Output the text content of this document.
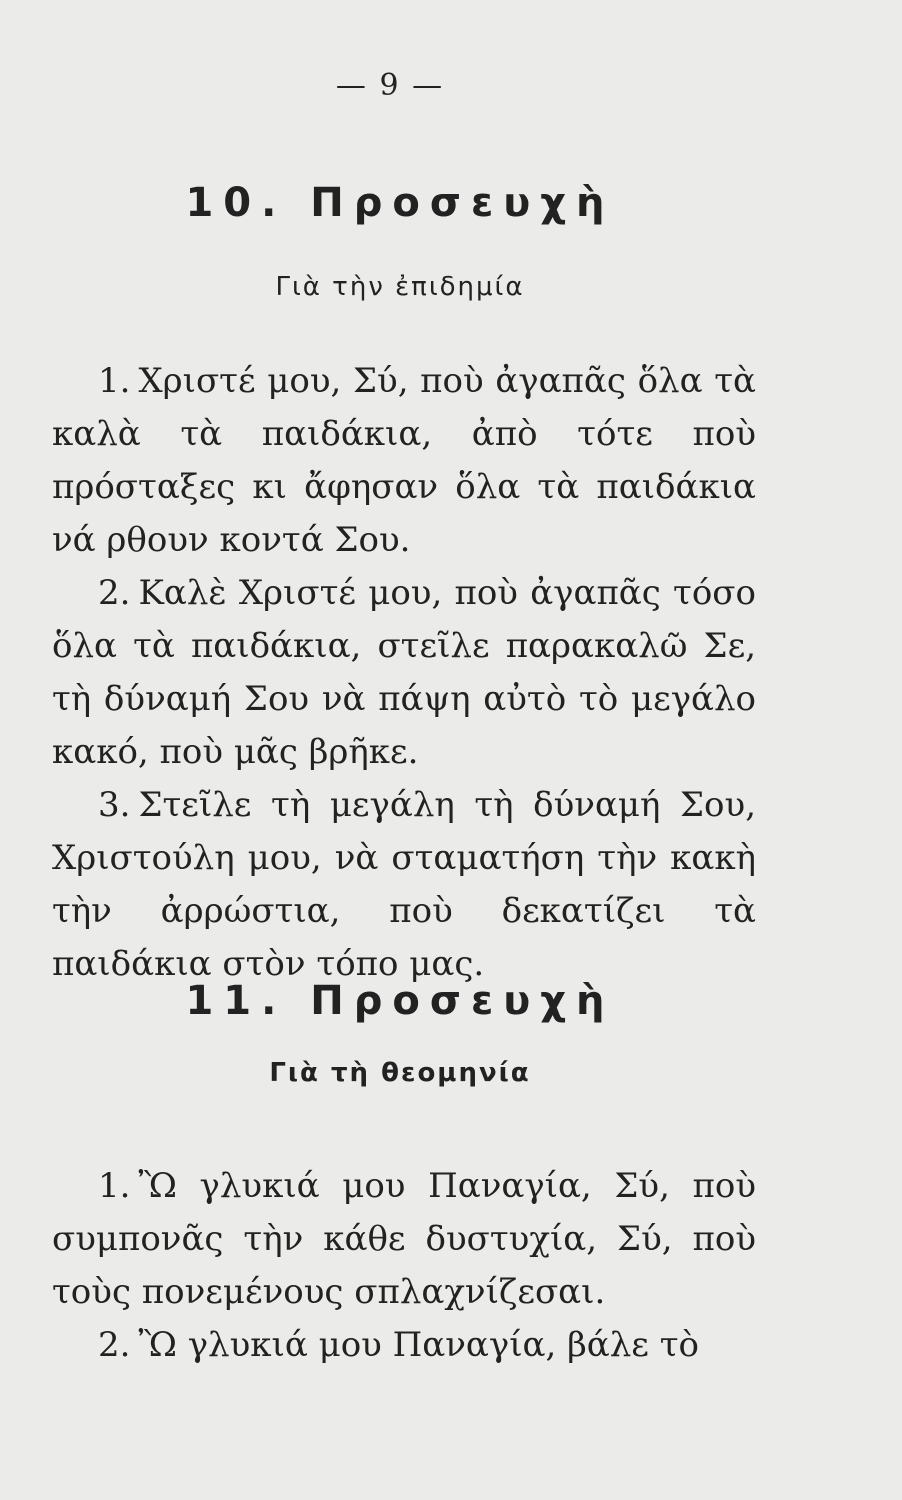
— 9 —
10. Προσευχὴ
Γιὰ τὴν ἐπιδημία

1. Χριστέ μου, Σύ, ποὺ ἀγαπᾶς ὅλα τὰ καλὰ τὰ παιδάκια, ἀπὸ τότε ποὺ πρόσταξες κι ἄφησαν ὅλα τὰ παιδάκια νά ρθουν κοντά Σου.

2. Καλὲ Χριστέ μου, ποὺ ἀγαπᾶς τόσο ὅλα τὰ παιδάκια, στεῖλε παρακαλῶ Σε, τὴ δύναμή Σου νὰ πάψη αὐτὸ τὸ μεγάλο κακό, ποὺ μᾶς βρῆκε.

3. Στεῖλε τὴ μεγάλη τὴ δύναμή Σου, Χριστούλη μου, νὰ σταματήση τὴν κακὴ τὴν ἀρρώστια, ποὺ δεκατίζει τὰ παιδάκια στὸν τόπο μας.

11. Προσευχὴ
Γιὰ τὴ θεομηνία

1. Ὢ γλυκιά μου Παναγία, Σύ, ποὺ συμπονᾶς τὴν κάθε δυστυχία, Σύ, ποὺ τοὺς πονεμένους σπλαχνίζεσαι.

2. Ὢ γλυκιά μου Παναγία, βάλε τὸ
